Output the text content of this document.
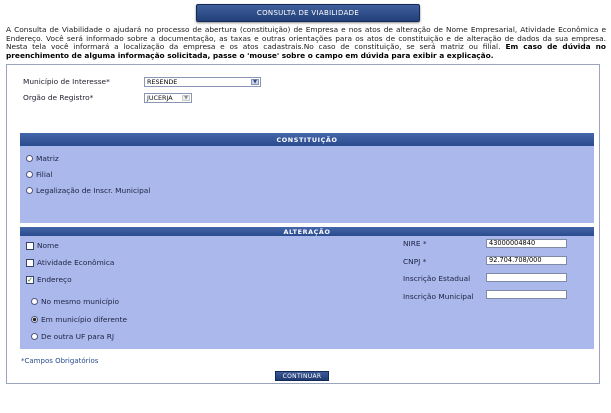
CONSULTA DE VIABILIDADE
A Consulta de Viabilidade o ajudará no processo de abertura (constituição) de Empresa e nos atos de alteração de Nome Empresarial, Atividade Econômica e Endereço. Você será informado sobre a documentação, as taxas e outras orientações para os atos de constituição e de alteração de dados da sua empresa. Nesta tela você informará a localização da empresa e os atos cadastrais.No caso de constituição, se será matriz ou filial. Em caso de dúvida no preenchimento de alguma informação solicitada, passe o 'mouse' sobre o campo em dúvida para exibir a explicação.
Município de Interesse*	RESENDE	▼
Orgão de Registro*	JUCERJA	▼
CONSTITUIÇÃO
Matriz
Filial
Legalização de Inscr. Municipal
ALTERAÇÃO
Nome
Atividade Econômica
✓ Endereço
No mesmo município
Em município diferente
De outra UF para RJ
NIRE *	43000004840
CNPJ *	92.704.708/000
Inscrição Estadual
Inscrição Municipal
*Campos Obrigatórios
CONTINUAR
